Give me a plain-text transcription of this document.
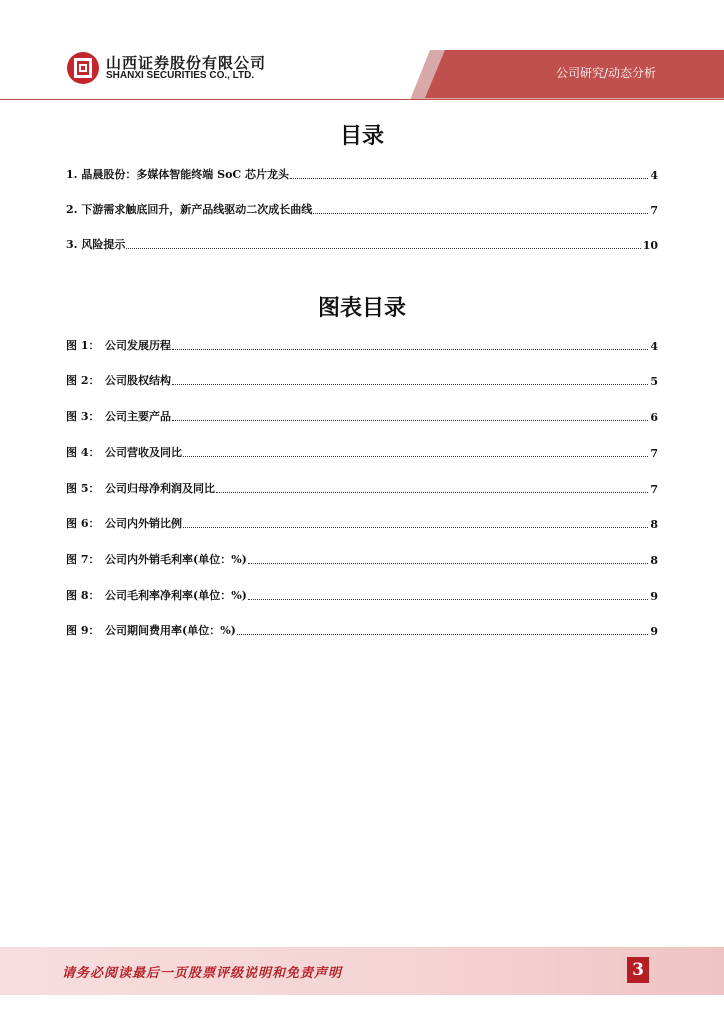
山西证券股份有限公司
SHANXI SECURITIES CO., LTD.	公司研究/动态分析
目录
1. 晶晨股份：多媒体智能终端 SoC 芯片龙头	4
2. 下游需求触底回升，新产品线驱动二次成长曲线	7
3. 风险提示	10
图表目录
图 1： 公司发展历程	4
图 2： 公司股权结构	5
图 3： 公司主要产品	6
图 4： 公司营收及同比	7
图 5： 公司归母净利润及同比	7
图 6： 公司内外销比例	8
图 7： 公司内外销毛利率(单位：%)	8
图 8： 公司毛利率净利率(单位：%)	9
图 9： 公司期间费用率(单位：%)	9
请务必阅读最后一页股票评级说明和免责声明	3
